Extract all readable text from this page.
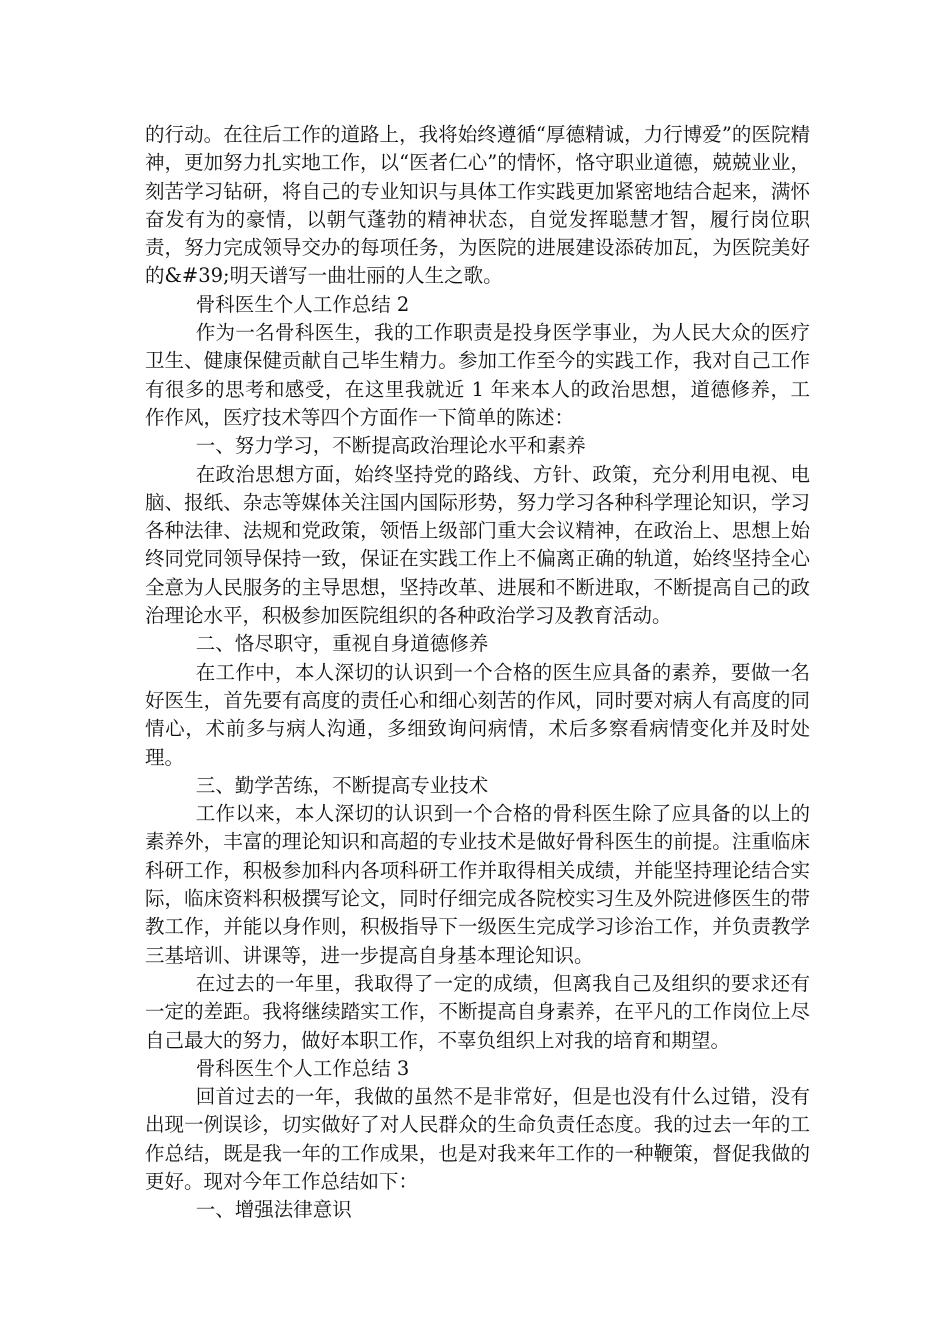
的行动。在往后工作的道路上，我将始终遵循“厚德精诚，力行博爱”的医院精神，更加努力扎实地工作，以“医者仁心”的情怀，恪守职业道德，兢兢业业，刻苦学习钻研，将自己的专业知识与具体工作实践更加紧密地结合起来，满怀奋发有为的豪情，以朝气蓬勃的精神状态，自觉发挥聪慧才智，履行岗位职责，努力完成领导交办的每项任务，为医院的进展建设添砖加瓦，为医院美好的&#39;明天谱写一曲壮丽的人生之歌。

骨科医生个人工作总结 2

作为一名骨科医生，我的工作职责是投身医学事业，为人民大众的医疗卫生、健康保健贡献自己毕生精力。参加工作至今的实践工作，我对自己工作有很多的思考和感受，在这里我就近 1 年来本人的政治思想，道德修养，工作作风，医疗技术等四个方面作一下简单的陈述：

一、努力学习，不断提高政治理论水平和素养

在政治思想方面，始终坚持党的路线、方针、政策，充分利用电视、电脑、报纸、杂志等媒体关注国内国际形势，努力学习各种科学理论知识，学习各种法律、法规和党政策，领悟上级部门重大会议精神，在政治上、思想上始终同党同领导保持一致，保证在实践工作上不偏离正确的轨道，始终坚持全心全意为人民服务的主导思想，坚持改革、进展和不断进取，不断提高自己的政治理论水平，积极参加医院组织的各种政治学习及教育活动。

二、恪尽职守，重视自身道德修养

在工作中，本人深切的认识到一个合格的医生应具备的素养，要做一名好医生，首先要有高度的责任心和细心刻苦的作风，同时要对病人有高度的同情心，术前多与病人沟通，多细致询问病情，术后多察看病情变化并及时处理。

三、勤学苦练，不断提高专业技术

工作以来，本人深切的认识到一个合格的骨科医生除了应具备的以上的素养外，丰富的理论知识和高超的专业技术是做好骨科医生的前提。注重临床科研工作，积极参加科内各项科研工作并取得相关成绩，并能坚持理论结合实际，临床资料积极撰写论文，同时仔细完成各院校实习生及外院进修医生的带教工作，并能以身作则，积极指导下一级医生完成学习诊治工作，并负责教学三基培训、讲课等，进一步提高自身基本理论知识。

在过去的一年里，我取得了一定的成绩，但离我自己及组织的要求还有一定的差距。我将继续踏实工作，不断提高自身素养，在平凡的工作岗位上尽自己最大的努力，做好本职工作，不辜负组织上对我的培育和期望。

骨科医生个人工作总结 3

回首过去的一年，我做的虽然不是非常好，但是也没有什么过错，没有出现一例误诊，切实做好了对人民群众的生命负责任态度。我的过去一年的工作总结，既是我一年的工作成果，也是对我来年工作的一种鞭策，督促我做的更好。现对今年工作总结如下：

一、增强法律意识
